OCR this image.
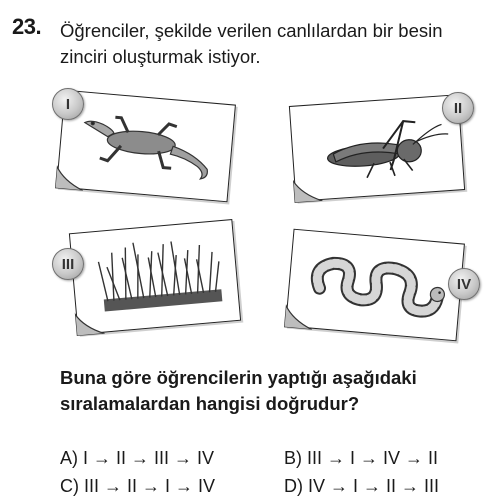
23. Öğrenciler, şekilde verilen canlılardan bir besin zinciri oluşturmak istiyor.
I	II
III
IV
Buna göre öğrencilerin yaptığı aşağıdaki sıralamalardan hangisi doğrudur?
A) I → II → III → IV	B) III → I → IV → II
C) III → II → I → IV	D) IV → I → II → III
